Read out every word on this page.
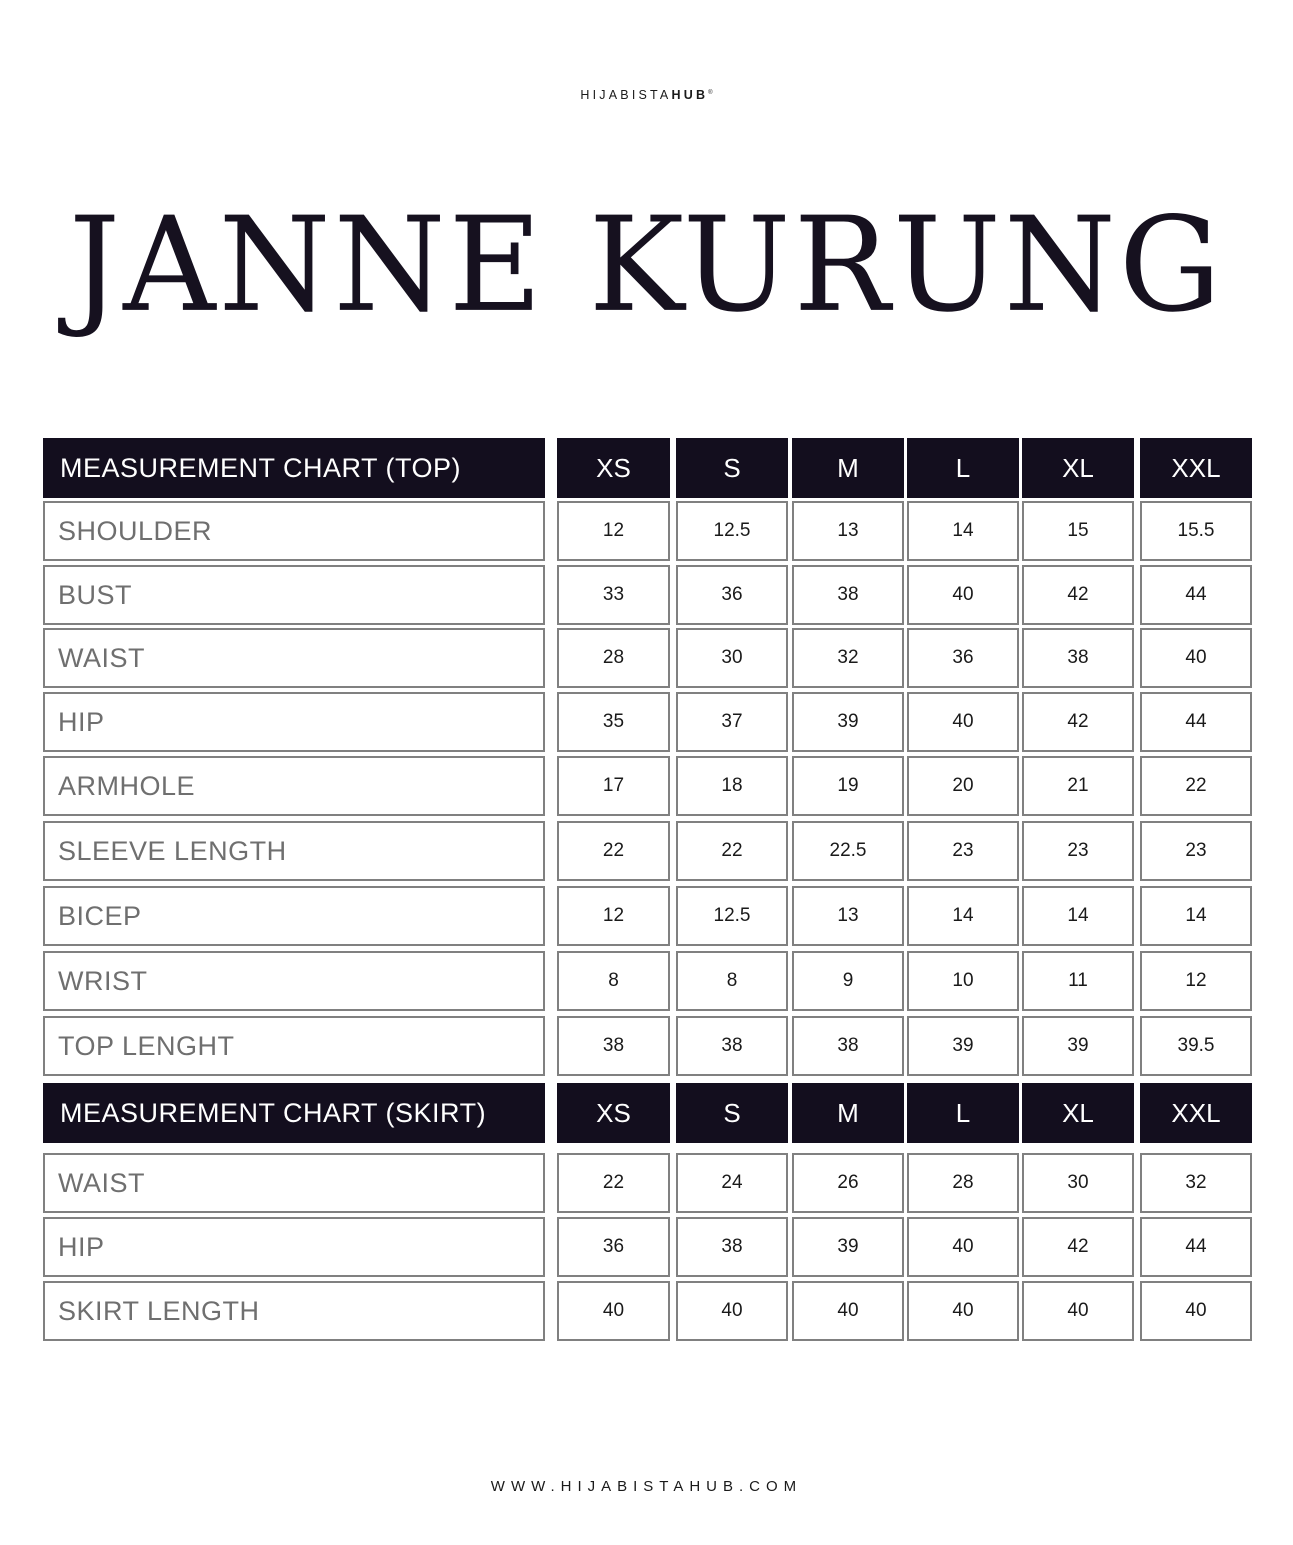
HIJABISTAHUB®
JANNE KURUNG
MEASUREMENT CHART (TOP)	XS	S	M	L	XL	XXL
SHOULDER	12	12.5	13	14	15	15.5
BUST	33	36	38	40	42	44
WAIST	28	30	32	36	38	40
HIP	35	37	39	40	42	44
ARMHOLE	17	18	19	20	21	22
SLEEVE LENGTH	22	22	22.5	23	23	23
BICEP	12	12.5	13	14	14	14
WRIST	8	8	9	10	11	12
TOP LENGHT	38	38	38	39	39	39.5
MEASUREMENT CHART (SKIRT)	XS	S	M	L	XL	XXL
WAIST	22	24	26	28	30	32
HIP	36	38	39	40	42	44
SKIRT LENGTH	40	40	40	40	40	40
WWW.HIJABISTAHUB.COM
